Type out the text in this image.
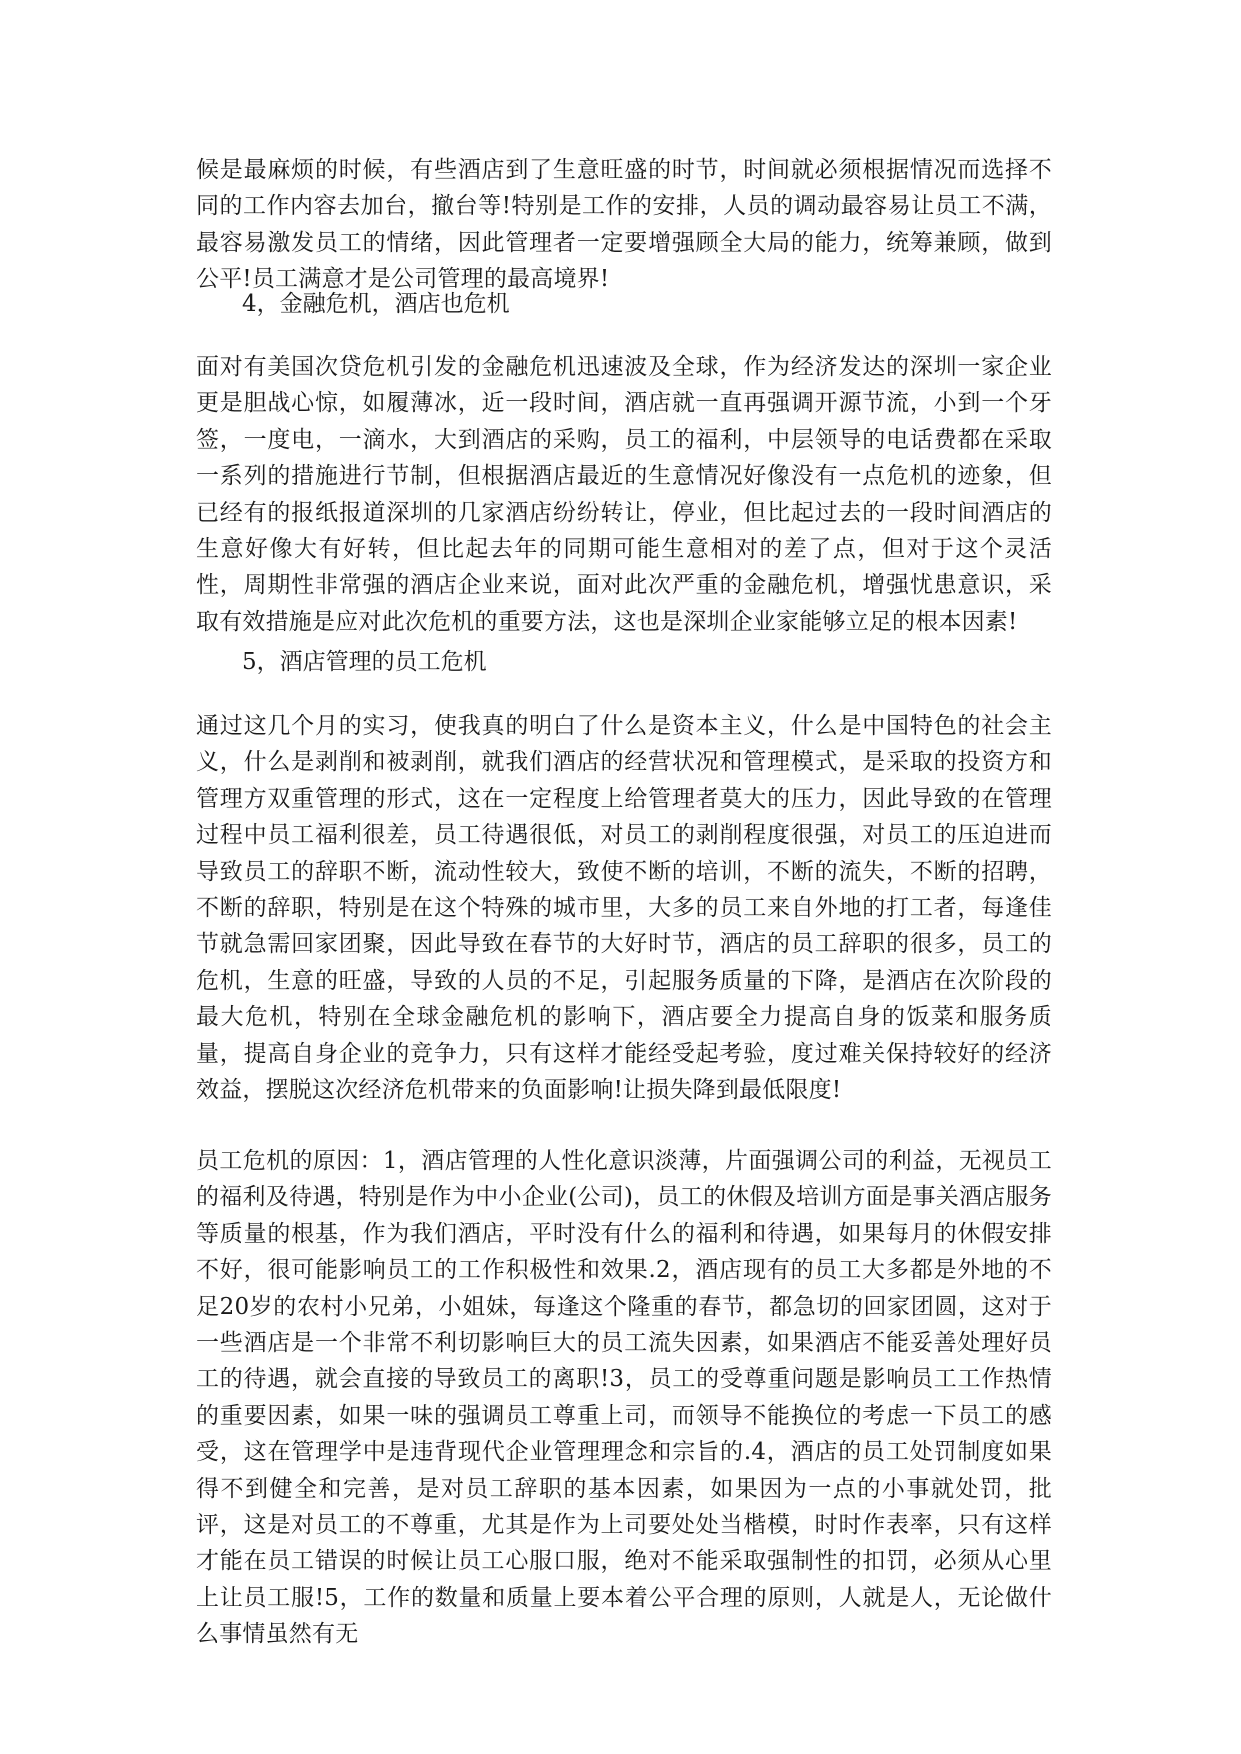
候是最麻烦的时候，有些酒店到了生意旺盛的时节，时间就必须根据情况而选择不同的工作内容去加台，撤台等!特别是工作的安排，人员的调动最容易让员工不满，最容易激发员工的情绪，因此管理者一定要增强顾全大局的能力，统筹兼顾，做到公平!员工满意才是公司管理的最高境界!

4，金融危机，酒店也危机

面对有美国次贷危机引发的金融危机迅速波及全球，作为经济发达的深圳一家企业更是胆战心惊，如履薄冰，近一段时间，酒店就一直再强调开源节流，小到一个牙签，一度电，一滴水，大到酒店的采购，员工的福利，中层领导的电话费都在采取一系列的措施进行节制，但根据酒店最近的生意情况好像没有一点危机的迹象，但已经有的报纸报道深圳的几家酒店纷纷转让，停业，但比起过去的一段时间酒店的生意好像大有好转，但比起去年的同期可能生意相对的差了点，但对于这个灵活性，周期性非常强的酒店企业来说，面对此次严重的金融危机，增强忧患意识，采取有效措施是应对此次危机的重要方法，这也是深圳企业家能够立足的根本因素!

5，酒店管理的员工危机

通过这几个月的实习，使我真的明白了什么是资本主义，什么是中国特色的社会主义，什么是剥削和被剥削，就我们酒店的经营状况和管理模式，是采取的投资方和管理方双重管理的形式，这在一定程度上给管理者莫大的压力，因此导致的在管理过程中员工福利很差，员工待遇很低，对员工的剥削程度很强，对员工的压迫进而导致员工的辞职不断，流动性较大，致使不断的培训，不断的流失，不断的招聘，不断的辞职，特别是在这个特殊的城市里，大多的员工来自外地的打工者，每逢佳节就急需回家团聚，因此导致在春节的大好时节，酒店的员工辞职的很多，员工的危机，生意的旺盛，导致的人员的不足，引起服务质量的下降，是酒店在次阶段的最大危机，特别在全球金融危机的影响下，酒店要全力提高自身的饭菜和服务质量，提高自身企业的竞争力，只有这样才能经受起考验，度过难关保持较好的经济效益，摆脱这次经济危机带来的负面影响!让损失降到最低限度!

员工危机的原因：1，酒店管理的人性化意识淡薄，片面强调公司的利益，无视员工的福利及待遇，特别是作为中小企业(公司)，员工的休假及培训方面是事关酒店服务等质量的根基，作为我们酒店，平时没有什么的福利和待遇，如果每月的休假安排不好，很可能影响员工的工作积极性和效果.2，酒店现有的员工大多都是外地的不足20岁的农村小兄弟，小姐妹，每逢这个隆重的春节，都急切的回家团圆，这对于一些酒店是一个非常不利切影响巨大的员工流失因素，如果酒店不能妥善处理好员工的待遇，就会直接的导致员工的离职!3，员工的受尊重问题是影响员工工作热情的重要因素，如果一味的强调员工尊重上司，而领导不能换位的考虑一下员工的感受，这在管理学中是违背现代企业管理理念和宗旨的.4，酒店的员工处罚制度如果得不到健全和完善，是对员工辞职的基本因素，如果因为一点的小事就处罚，批评，这是对员工的不尊重，尤其是作为上司要处处当楷模，时时作表率，只有这样才能在员工错误的时候让员工心服口服，绝对不能采取强制性的扣罚，必须从心里上让员工服!5，工作的数量和质量上要本着公平合理的原则，人就是人，无论做什么事情虽然有无
